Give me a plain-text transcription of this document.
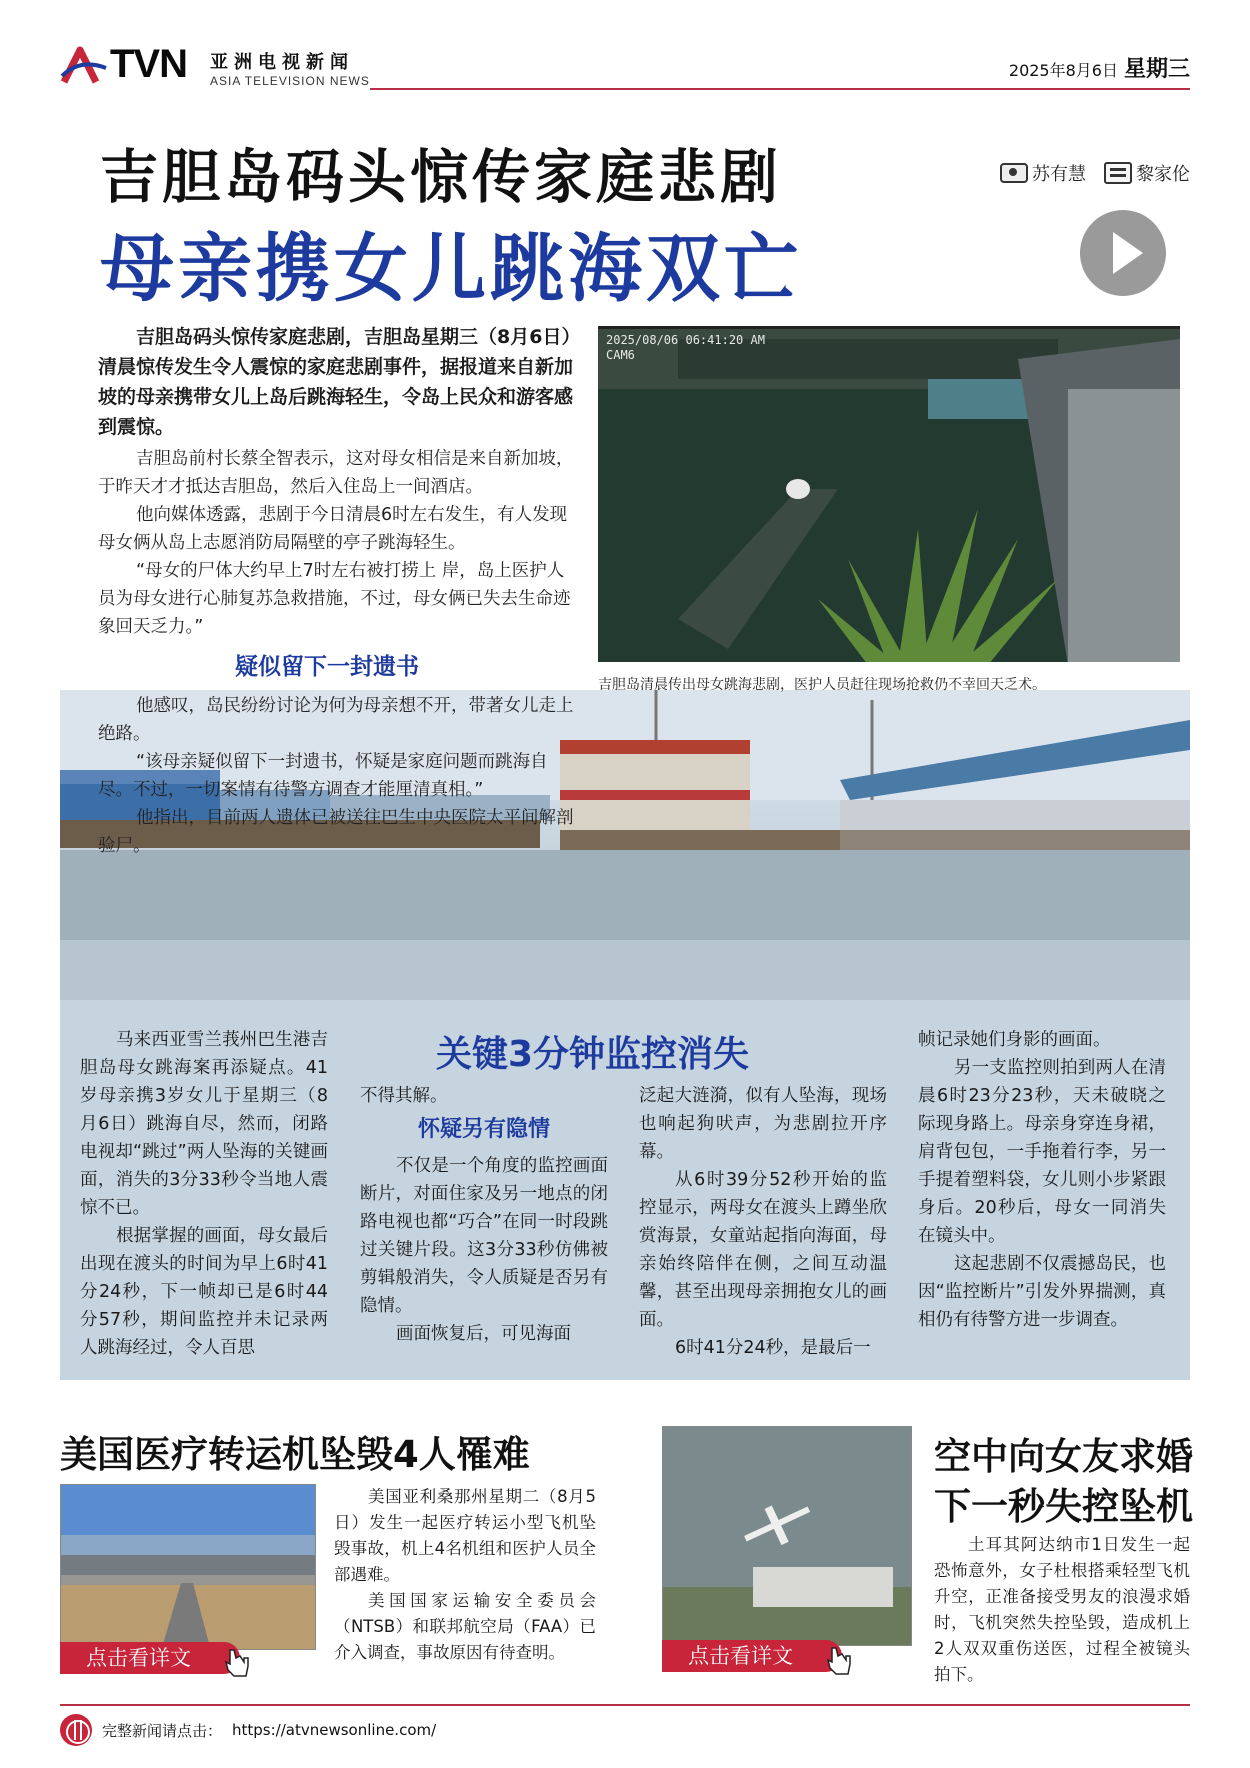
TVN 亚洲电视新闻
ASIA TELEVISION NEWS
2025年8月6日 星期三
吉胆岛码头惊传家庭悲剧
母亲携女儿跳海双亡
苏有慧	黎家伦
吉胆岛码头惊传家庭悲剧，吉胆岛星期三（8月6日）清晨惊传发生令人震惊的家庭悲剧事件，据报道来自新加坡的母亲携带女儿上岛后跳海轻生，令岛上民众和游客感到震惊。
吉胆岛前村长蔡全智表示，这对母女相信是来自新加坡，于昨天才才抵达吉胆岛，然后入住岛上一间酒店。
他向媒体透露，悲剧于今日清晨6时左右发生，有人发现母女俩从岛上志愿消防局隔壁的亭子跳海轻生。
“母女的尸体大约早上7时左右被打捞上 岸，岛上医护人员为母女进行心肺复苏急救措施，不过，母女俩已失去生命迹象回天乏力。”
疑似留下一封遗书
他感叹，岛民纷纷讨论为何为母亲想不开，带著女儿走上绝路。
“该母亲疑似留下一封遗书，怀疑是家庭问题而跳海自尽。不过，一切案情有待警方调查才能厘清真相。”
他指出，目前两人遗体已被送往巴生中央医院太平间解剖验尸。
2025/08/06 06:41:20 AM
CAM6
吉胆岛清晨传出母女跳海悲剧，医护人员赶往现场抢救仍不幸回天乏术。
关键3分钟监控消失

马来西亚雪兰莪州巴生港吉胆岛母女跳海案再添疑点。41岁母亲携3岁女儿于星期三（8月6日）跳海自尽，然而，闭路电视却“跳过”两人坠海的关键画面，消失的3分33秒令当地人震惊不已。

根据掌握的画面，母女最后出现在渡头的时间为早上6时41分24秒，下一帧却已是6时44分57秒，期间监控并未记录两人跳海经过，令人百思

不得其解。

怀疑另有隐情

不仅是一个角度的监控画面断片，对面住家及另一地点的闭路电视也都“巧合”在同一时段跳过关键片段。这3分33秒仿佛被剪辑般消失，令人质疑是否另有隐情。

画面恢复后，可见海面

泛起大涟漪，似有人坠海，现场也响起狗吠声，为悲剧拉开序幕。

从6时39分52秒开始的监控显示，两母女在渡头上蹲坐欣赏海景，女童站起指向海面，母亲始终陪伴在侧，之间互动温馨，甚至出现母亲拥抱女儿的画面。

6时41分24秒，是最后一

帧记录她们身影的画面。

另一支监控则拍到两人在清晨6时23分23秒，天未破晓之际现身路上。母亲身穿连身裙，肩背包包，一手拖着行李，另一手提着塑料袋，女儿则小步紧跟身后。20秒后，母女一同消失在镜头中。

这起悲剧不仅震撼岛民，也因“监控断片”引发外界揣测，真相仍有待警方进一步调查。

美国医疗转运机坠毁4人罹难
点击看详文

美国亚利桑那州星期二（8月5日）发生一起医疗转运小型飞机坠毁事故，机上4名机组和医护人员全部遇难。

美国国家运输安全委员会（NTSB）和联邦航空局（FAA）已介入调查，事故原因有待查明。	点击看详文
空中向女友求婚
下一秒失控坠机

土耳其阿达纳市1日发生一起恐怖意外，女子杜根搭乘轻型飞机升空，正准备接受男友的浪漫求婚时，飞机突然失控坠毁，造成机上2人双双重伤送医，过程全被镜头拍下。

完整新闻请点击： https://atvnewsonline.com/
